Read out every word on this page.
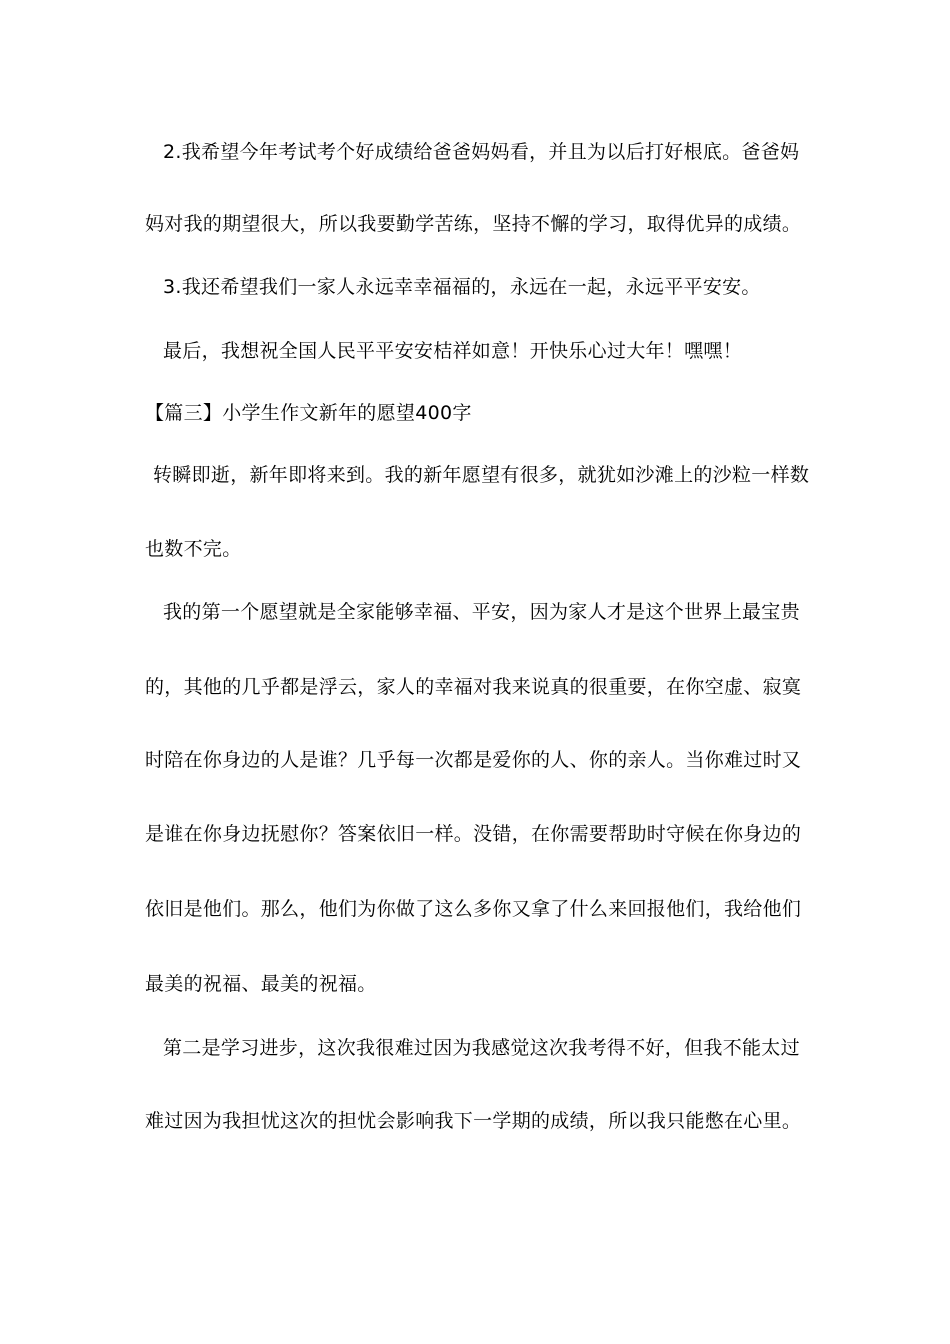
2.我希望今年考试考个好成绩给爸爸妈妈看，并且为以后打好根底。爸爸妈
妈对我的期望很大，所以我要勤学苦练，坚持不懈的学习，取得优异的成绩。
3.我还希望我们一家人永远幸幸福福的，永远在一起，永远平平安安。
最后，我想祝全国人民平平安安桔祥如意！开快乐心过大年！嘿嘿！
【篇三】小学生作文新年的愿望400字
转瞬即逝，新年即将来到。我的新年愿望有很多，就犹如沙滩上的沙粒一样数
也数不完。
我的第一个愿望就是全家能够幸福、平安，因为家人才是这个世界上最宝贵
的，其他的几乎都是浮云，家人的幸福对我来说真的很重要，在你空虚、寂寞
时陪在你身边的人是谁？几乎每一次都是爱你的人、你的亲人。当你难过时又
是谁在你身边抚慰你？答案依旧一样。没错，在你需要帮助时守候在你身边的
依旧是他们。那么，他们为你做了这么多你又拿了什么来回报他们，我给他们
最美的祝福、最美的祝福。
第二是学习进步，这次我很难过因为我感觉这次我考得不好，但我不能太过
难过因为我担忧这次的担忧会影响我下一学期的成绩，所以我只能憋在心里。
